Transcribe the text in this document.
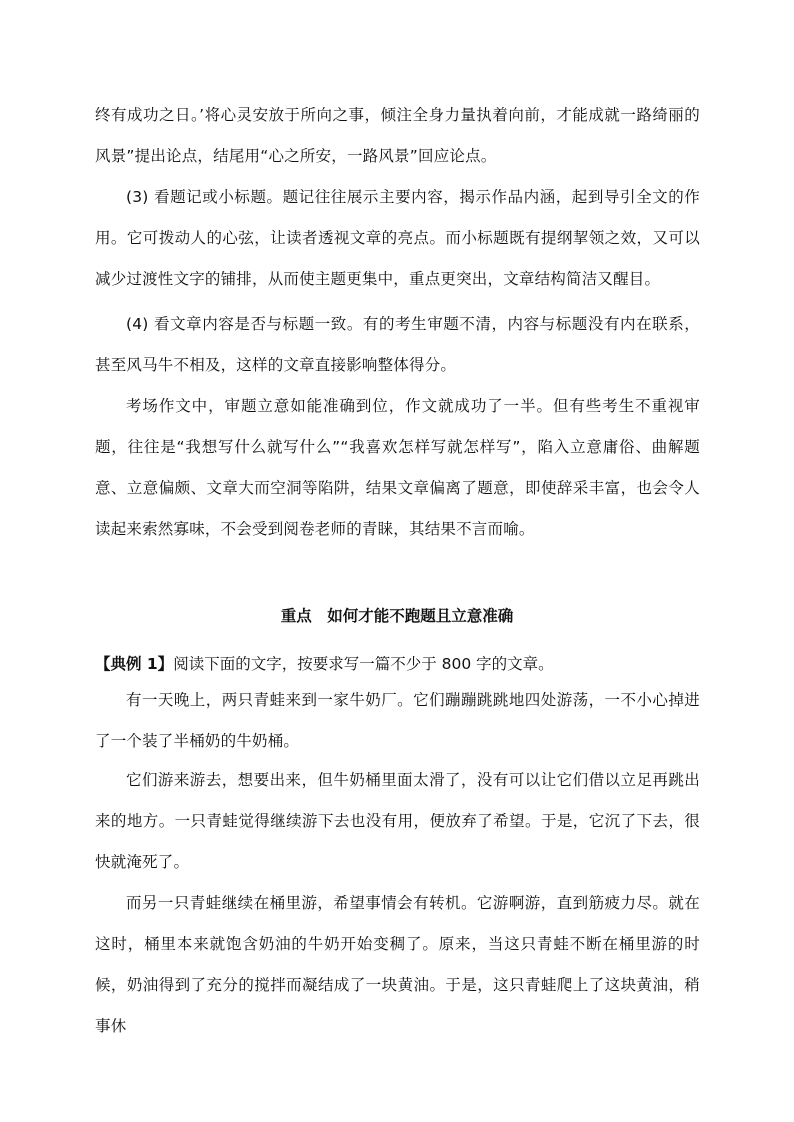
终有成功之日。’将心灵安放于所向之事，倾注全身力量执着向前，才能成就一路绮丽的风景”提出论点，结尾用“心之所安，一路风景”回应论点。

(3) 看题记或小标题。题记往往展示主要内容，揭示作品内涵，起到导引全文的作用。它可拨动人的心弦，让读者透视文章的亮点。而小标题既有提纲挈领之效，又可以减少过渡性文字的铺排，从而使主题更集中，重点更突出，文章结构简洁又醒目。

(4) 看文章内容是否与标题一致。有的考生审题不清，内容与标题没有内在联系，甚至风马牛不相及，这样的文章直接影响整体得分。

考场作文中，审题立意如能准确到位，作文就成功了一半。但有些考生不重视审题，往往是“我想写什么就写什么”“我喜欢怎样写就怎样写”，陷入立意庸俗、曲解题意、立意偏颇、文章大而空洞等陷阱，结果文章偏离了题意，即使辞采丰富，也会令人读起来索然寡味，不会受到阅卷老师的青睐，其结果不言而喻。

重点　如何才能不跑题且立意准确

【典例 1】阅读下面的文字，按要求写一篇不少于 800 字的文章。

有一天晚上，两只青蛙来到一家牛奶厂。它们蹦蹦跳跳地四处游荡，一不小心掉进了一个装了半桶奶的牛奶桶。

它们游来游去，想要出来，但牛奶桶里面太滑了，没有可以让它们借以立足再跳出来的地方。一只青蛙觉得继续游下去也没有用，便放弃了希望。于是，它沉了下去，很快就淹死了。

而另一只青蛙继续在桶里游，希望事情会有转机。它游啊游，直到筋疲力尽。就在这时，桶里本来就饱含奶油的牛奶开始变稠了。原来，当这只青蛙不断在桶里游的时候，奶油得到了充分的搅拌而凝结成了一块黄油。于是，这只青蛙爬上了这块黄油，稍事休
